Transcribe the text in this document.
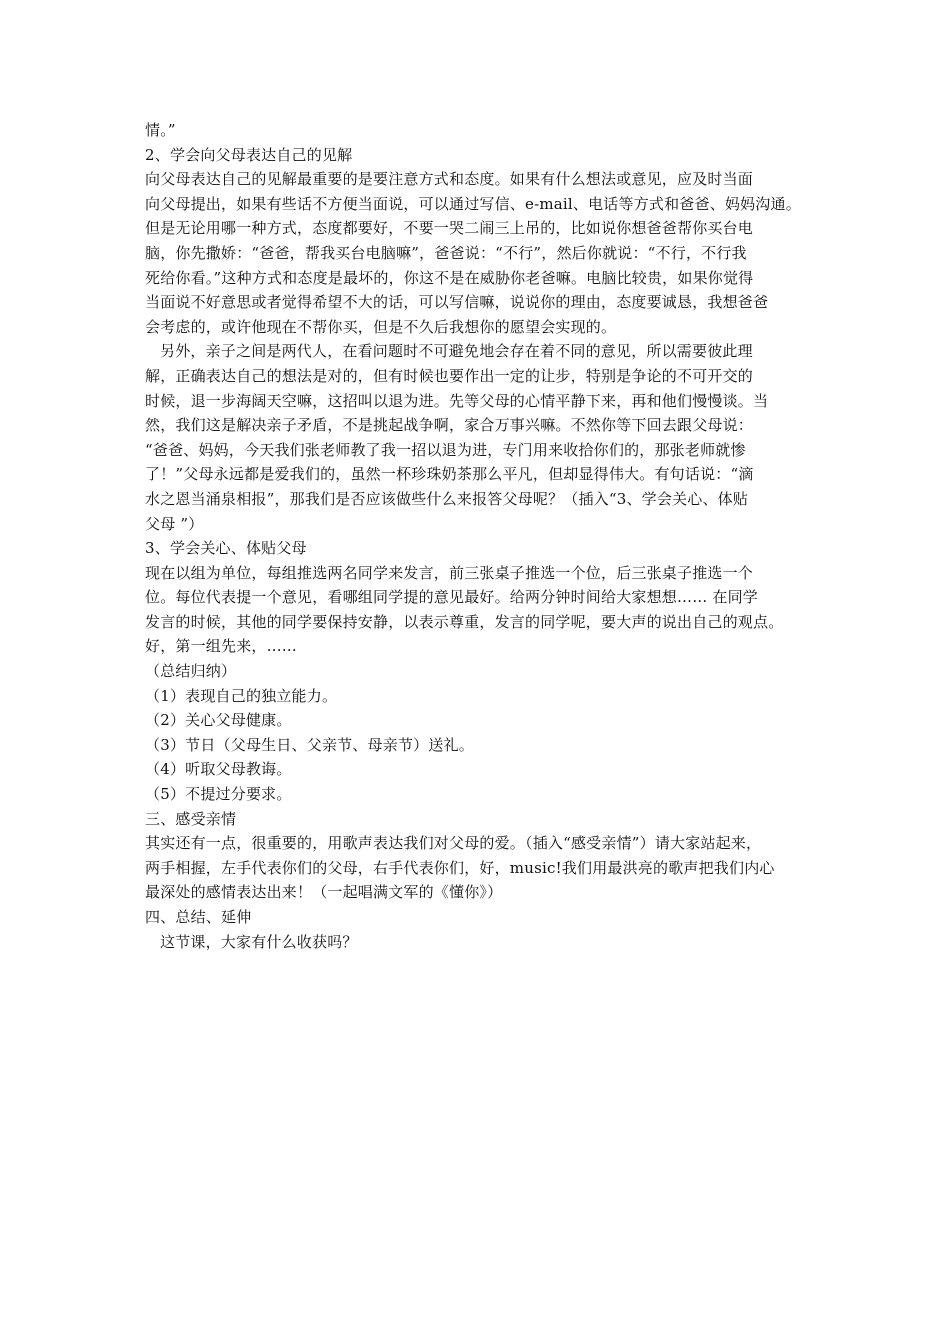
情。”
2、学会向父母表达自己的见解
向父母表达自己的见解最重要的是要注意方式和态度。如果有什么想法或意见，应及时当面
向父母提出，如果有些话不方便当面说，可以通过写信、e-mail、电话等方式和爸爸、妈妈沟通。
但是无论用哪一种方式，态度都要好，不要一哭二闹三上吊的，比如说你想爸爸帮你买台电
脑，你先撒娇：“爸爸，帮我买台电脑嘛”，爸爸说：“不行”，然后你就说：“不行，不行我
死给你看。”这种方式和态度是最坏的，你这不是在威胁你老爸嘛。电脑比较贵，如果你觉得
当面说不好意思或者觉得希望不大的话，可以写信嘛，说说你的理由，态度要诚恳，我想爸爸
会考虑的，或许他现在不帮你买，但是不久后我想你的愿望会实现的。
另外，亲子之间是两代人，在看问题时不可避免地会存在着不同的意见，所以需要彼此理
解，正确表达自己的想法是对的，但有时候也要作出一定的让步，特别是争论的不可开交的
时候，退一步海阔天空嘛，这招叫以退为进。先等父母的心情平静下来，再和他们慢慢谈。当
然，我们这是解决亲子矛盾，不是挑起战争啊，家合万事兴嘛。不然你等下回去跟父母说：
“爸爸、妈妈，今天我们张老师教了我一招以退为进，专门用来收拾你们的，那张老师就惨
了！”父母永远都是爱我们的，虽然一杯珍珠奶茶那么平凡，但却显得伟大。有句话说：“滴
水之恩当涌泉相报”，那我们是否应该做些什么来报答父母呢？（插入“3、学会关心、体贴
父母 ”）
3、学会关心、体贴父母
现在以组为单位，每组推选两名同学来发言，前三张桌子推选一个位，后三张桌子推选一个
位。每位代表提一个意见，看哪组同学提的意见最好。给两分钟时间给大家想想…… 在同学
发言的时候，其他的同学要保持安静，以表示尊重，发言的同学呢，要大声的说出自己的观点。
好，第一组先来，……
（总结归纳）
（1）表现自己的独立能力。
（2）关心父母健康。
（3）节日（父母生日、父亲节、母亲节）送礼。
（4）听取父母教诲。
（5）不提过分要求。
三、感受亲情
其实还有一点，很重要的，用歌声表达我们对父母的爱。（插入“感受亲情”）请大家站起来，
两手相握，左手代表你们的父母，右手代表你们，好，music!我们用最洪亮的歌声把我们内心
最深处的感情表达出来！（一起唱满文军的《懂你》）
四、总结、延伸
这节课，大家有什么收获吗？
